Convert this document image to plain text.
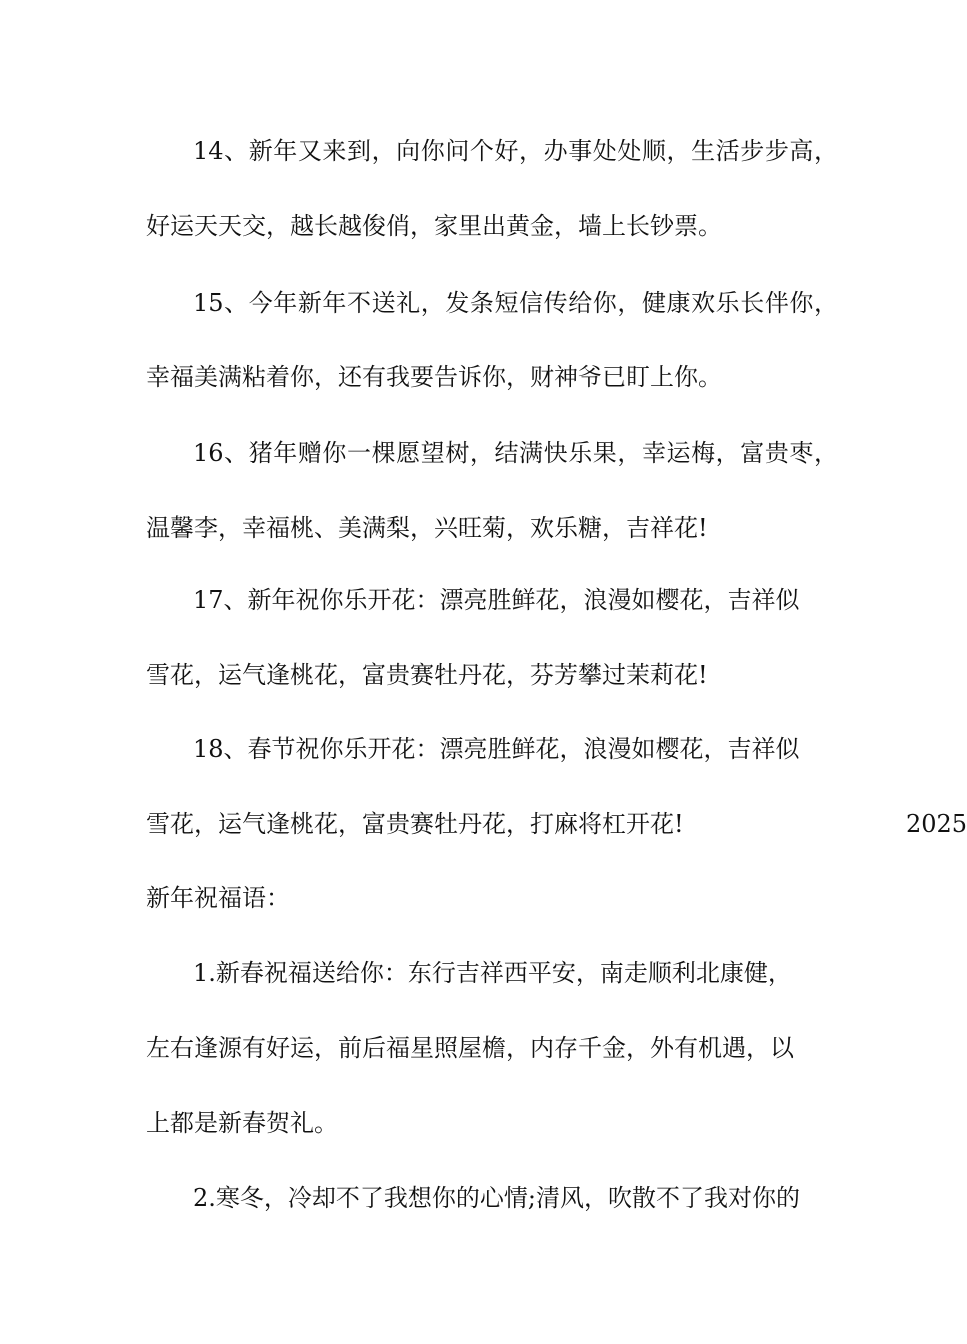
14、新年又来到，向你问个好，办事处处顺，生活步步高，
好运天天交，越长越俊俏，家里出黄金，墙上长钞票。
15、今年新年不送礼，发条短信传给你，健康欢乐长伴你，
幸福美满粘着你，还有我要告诉你，财神爷已盯上你。
16、猪年赠你一棵愿望树，结满快乐果，幸运梅，富贵枣，
温馨李，幸福桃、美满梨，兴旺菊，欢乐糖，吉祥花!
17、新年祝你乐开花：漂亮胜鲜花，浪漫如樱花，吉祥似
雪花，运气逢桃花，富贵赛牡丹花，芬芳攀过茉莉花!
18、春节祝你乐开花：漂亮胜鲜花，浪漫如樱花，吉祥似
雪花，运气逢桃花，富贵赛牡丹花，打麻将杠开花!	2025
新年祝福语：
1.新春祝福送给你：东行吉祥西平安，南走顺利北康健，
左右逢源有好运，前后福星照屋檐，内存千金，外有机遇，以
上都是新春贺礼。
2.寒冬，冷却不了我想你的心情;清风，吹散不了我对你的
